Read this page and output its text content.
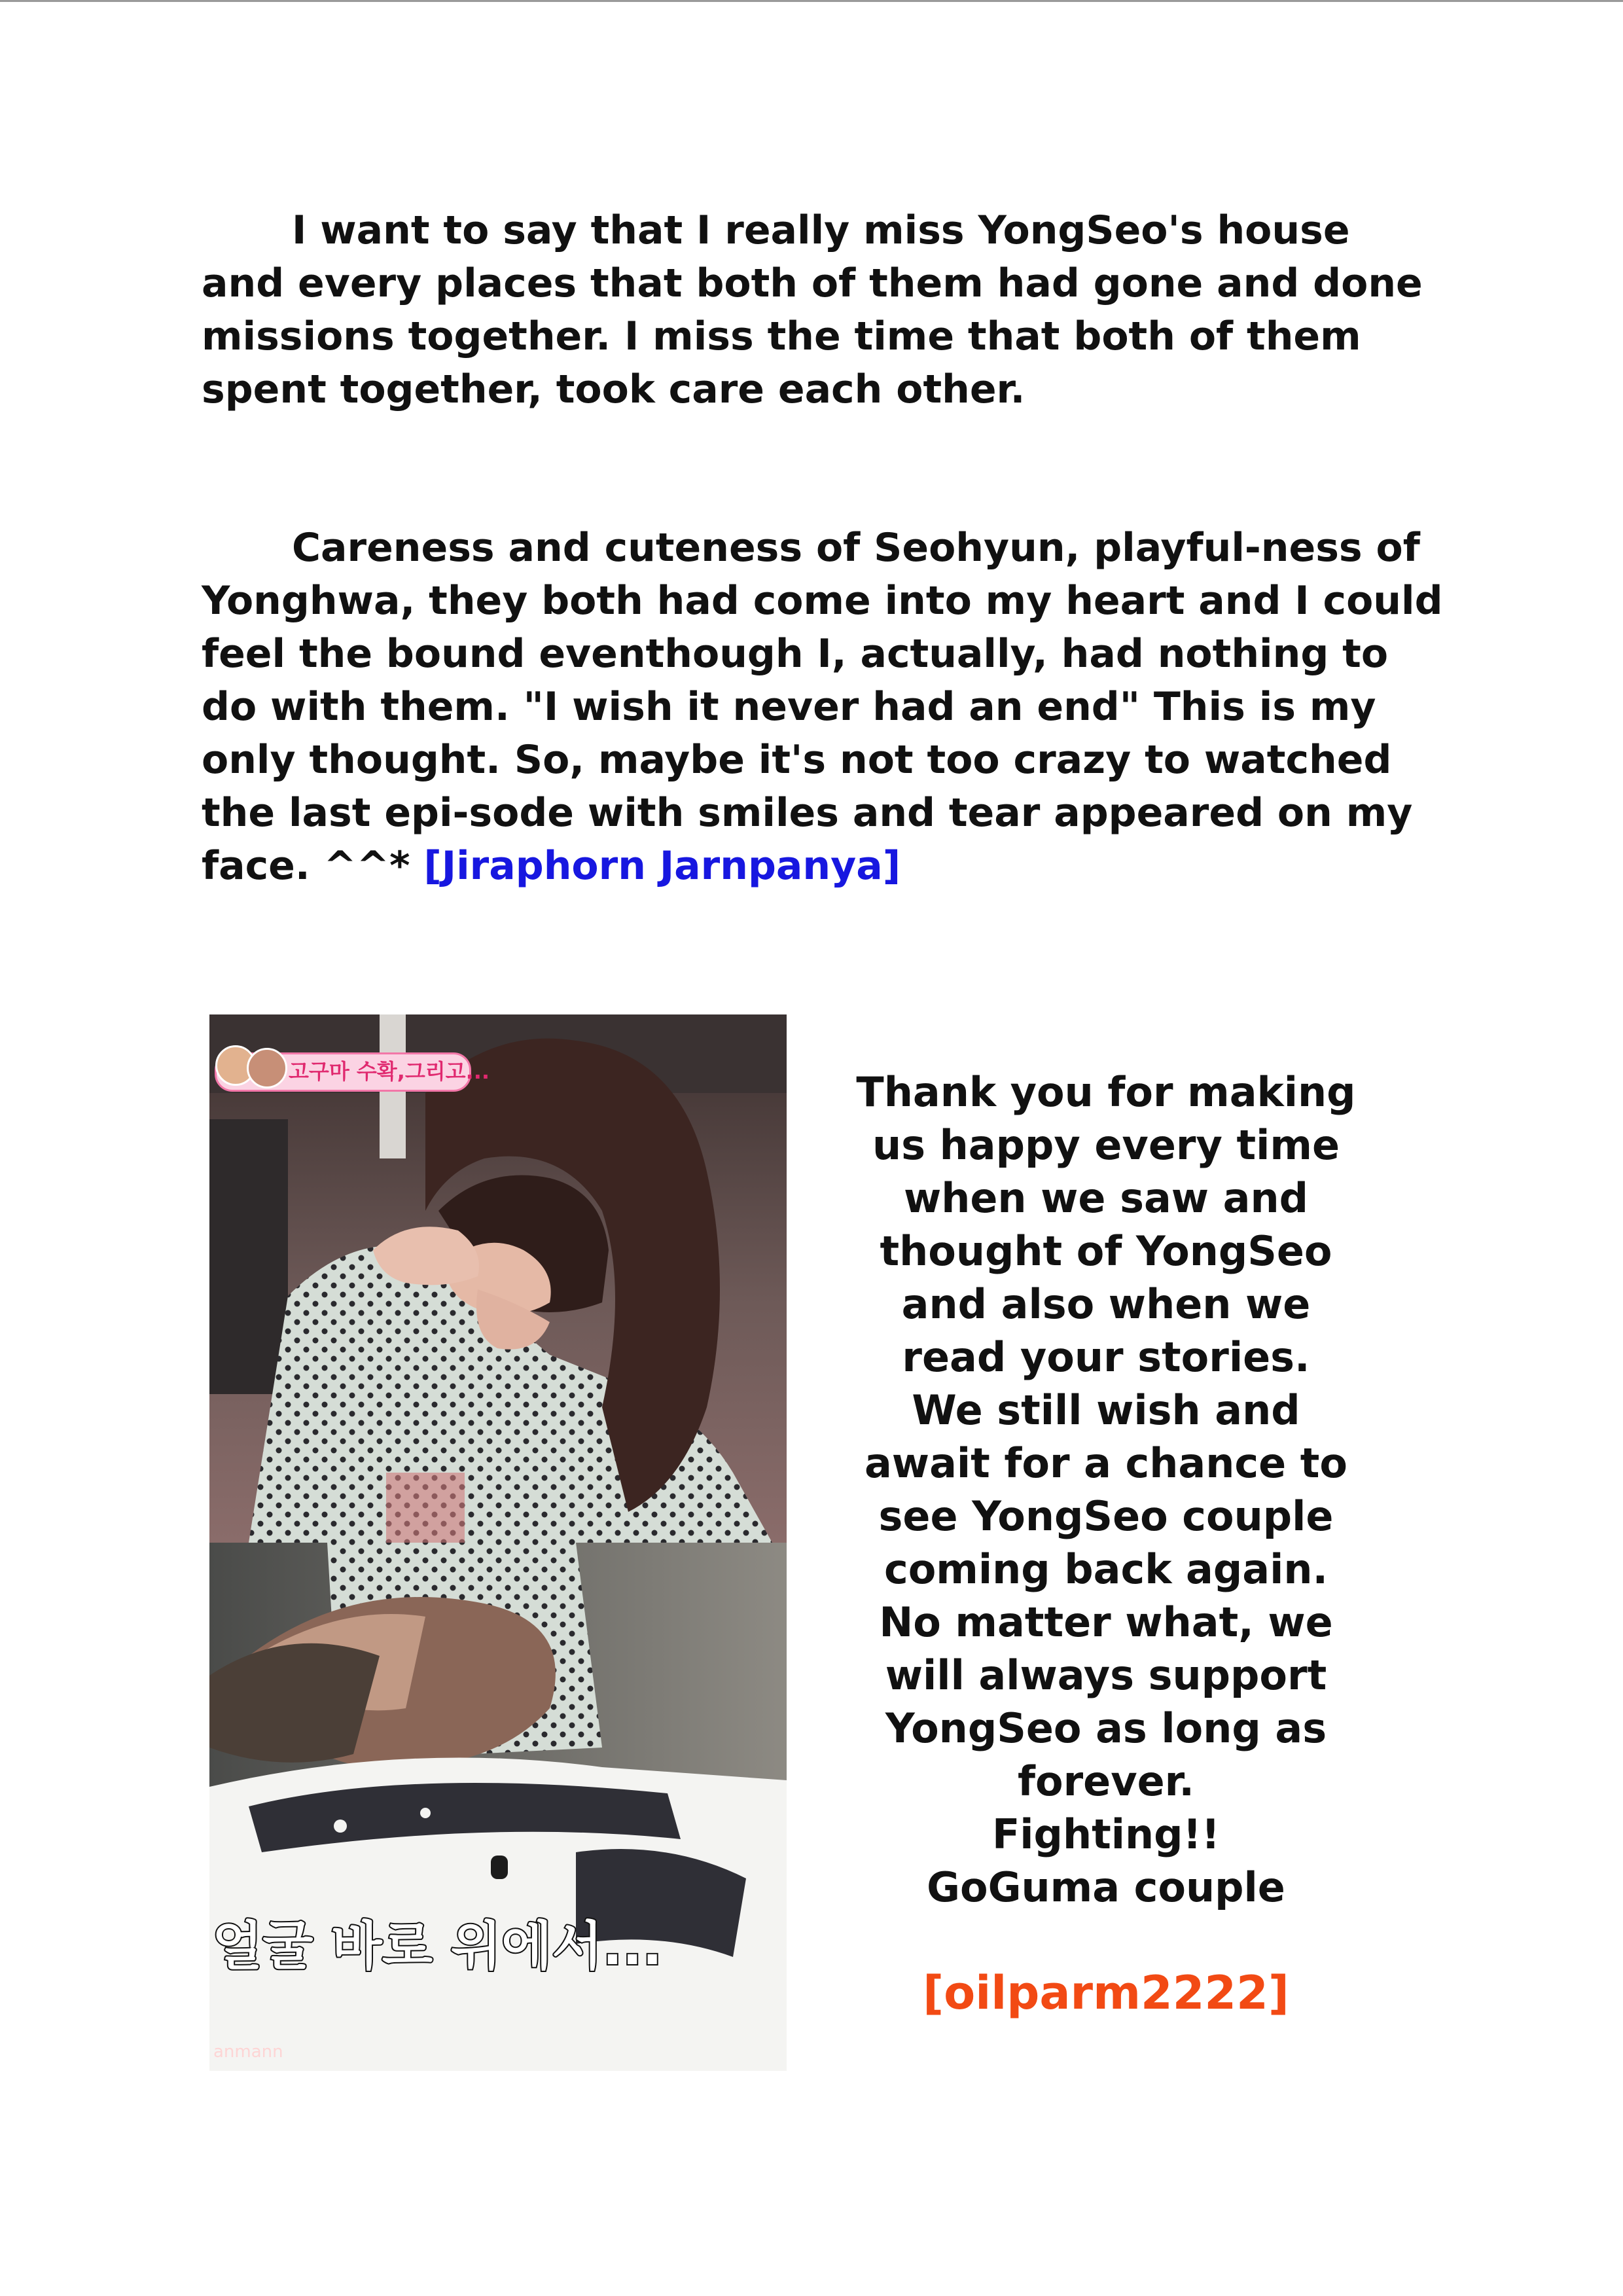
I want to say that I really miss YongSeo's house and every places that both of them had gone and done missions together. I miss the time that both of them spent together, took care each other.

Careness and cuteness of Seohyun, playful-ness of Yonghwa, they both had come into my heart and I could feel the bound eventhough I, actually, had nothing to do with them. "I wish it never had an end" This is my only thought. So, maybe it's not too crazy to watched the last epi-sode with smiles and tear appeared on my face. ^^* [Jiraphorn Jarnpanya]

고구마 수확,그리고...
얼굴 바로 위에서...
anmann
Thank you for making
us happy every time
when we saw and
thought of YongSeo
and also when we
read your stories.
We still wish and
await for a chance to
see YongSeo couple
coming back again.
No matter what, we
will always support
YongSeo as long as
forever.
Fighting!!
GoGuma couple
[oilparm2222]
